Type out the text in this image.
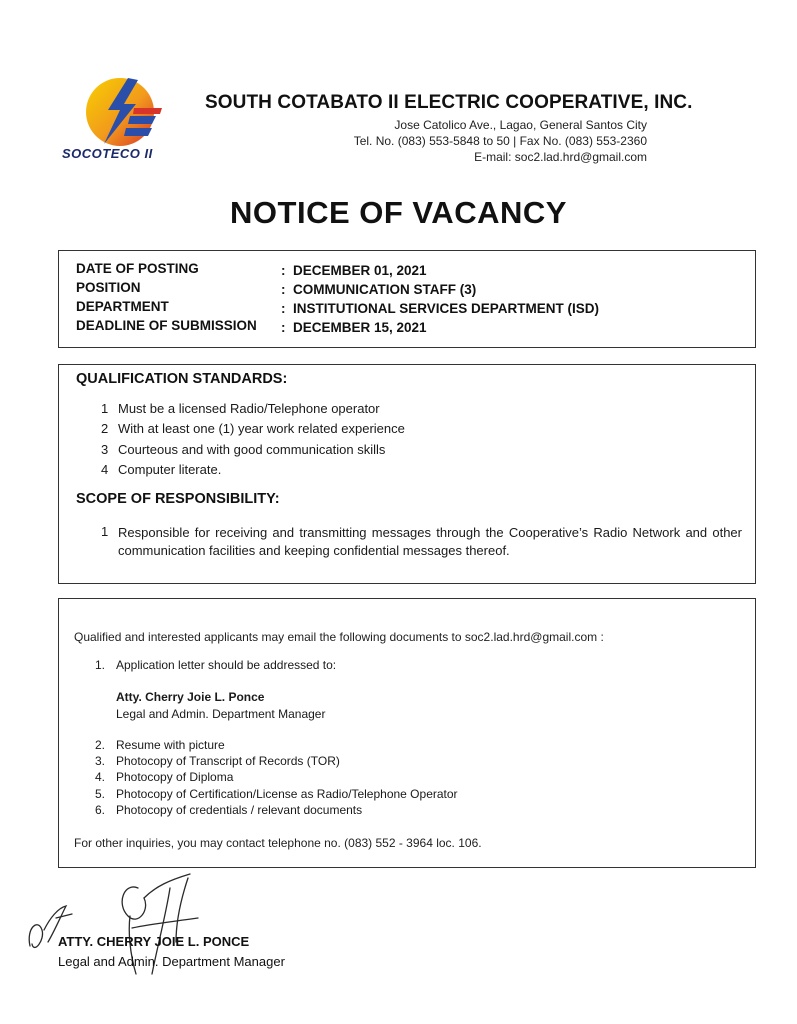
SOCOTECO II
SOUTH COTABATO II ELECTRIC COOPERATIVE, INC.
Jose Catolico Ave., Lagao, General Santos City
Tel. No. (083) 553-5848 to 50 | Fax No. (083) 553-2360
E-mail: soc2.lad.hrd@gmail.com
NOTICE OF VACANCY
DATE OF POSTING	: DECEMBER 01, 2021
POSITION	: COMMUNICATION STAFF (3)
DEPARTMENT	: INSTITUTIONAL SERVICES DEPARTMENT (ISD)
DEADLINE OF SUBMISSION : DECEMBER 15, 2021
QUALIFICATION STANDARDS:
1 Must be a licensed Radio/Telephone operator
2 With at least one (1) year work related experience
3 Courteous and with good communication skills
4 Computer literate.
SCOPE OF RESPONSIBILITY:
1 Responsible for receiving and transmitting messages through the Cooperative’s Radio Network and other communication facilities and keeping confidential messages thereof.
Qualified and interested applicants may email the following documents to soc2.lad.hrd@gmail.com :
1. Application letter should be addressed to:
Atty. Cherry Joie L. Ponce
Legal and Admin. Department Manager
2. Resume with picture
3. Photocopy of Transcript of Records (TOR)
4. Photocopy of Diploma
5. Photocopy of Certification/License as Radio/Telephone Operator
6. Photocopy of credentials / relevant documents
For other inquiries, you may contact telephone no. (083) 552 - 3964 loc. 106.
ATTY. CHERRY JOIE L. PONCE
Legal and Admin. Department Manager
